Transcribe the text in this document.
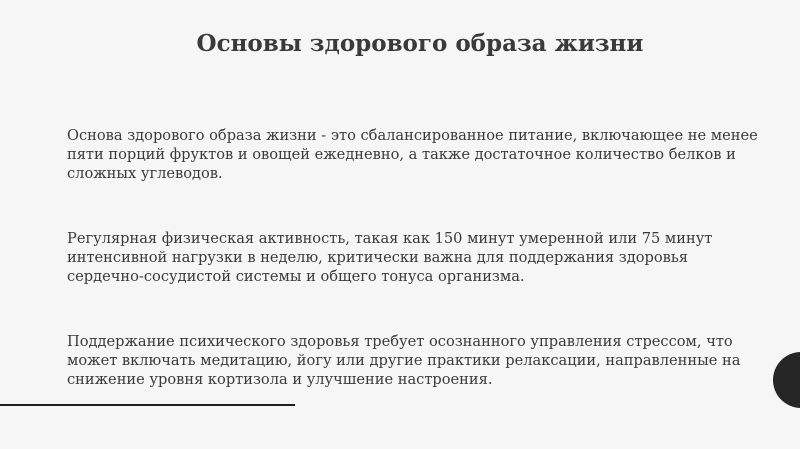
Основы здорового образа жизни

Основа здорового образа жизни - это сбалансированное питание, включающее не менее пяти порций фруктов и овощей ежедневно, а также достаточное количество белков и сложных углеводов.

Регулярная физическая активность, такая как 150 минут умеренной или 75 минут интенсивной нагрузки в неделю, критически важна для поддержания здоровья сердечно-сосудистой системы и общего тонуса организма.

Поддержание психического здоровья требует осознанного управления стрессом, что может включать медитацию, йогу или другие практики релаксации, направленные на снижение уровня кортизола и улучшение настроения.
